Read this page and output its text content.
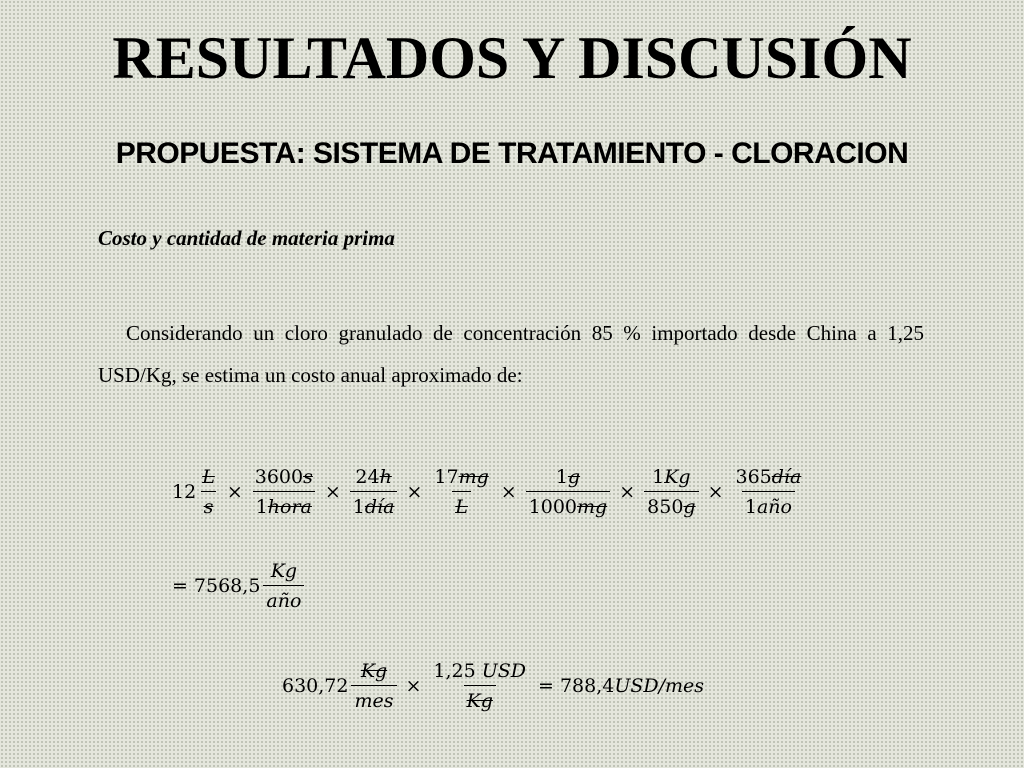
RESULTADOS Y DISCUSIÓN
PROPUESTA: SISTEMA DE TRATAMIENTO - CLORACION
Costo y cantidad de materia prima
Considerando un cloro granulado de concentración 85 % importado desde China a 1,25 USD/Kg, se estima un costo anual aproximado de:
$12 \frac{L}{s} \times \frac{3600s}{\text{1hora}} \times \frac{24h}{\text{1día}} \times \frac{17mg}{L} \times \frac{1g}{1000mg} \times \frac{1Kg}{850g} \times \frac{\text{365día}}{\text{1año}}$
= $7568,5 \frac{Kg}{\text{año}}$
$630,72 \frac{Kg}{\text{mes}} \times \frac{\text{1,25 USD}}{Kg} = 788,4$ USD/mes
